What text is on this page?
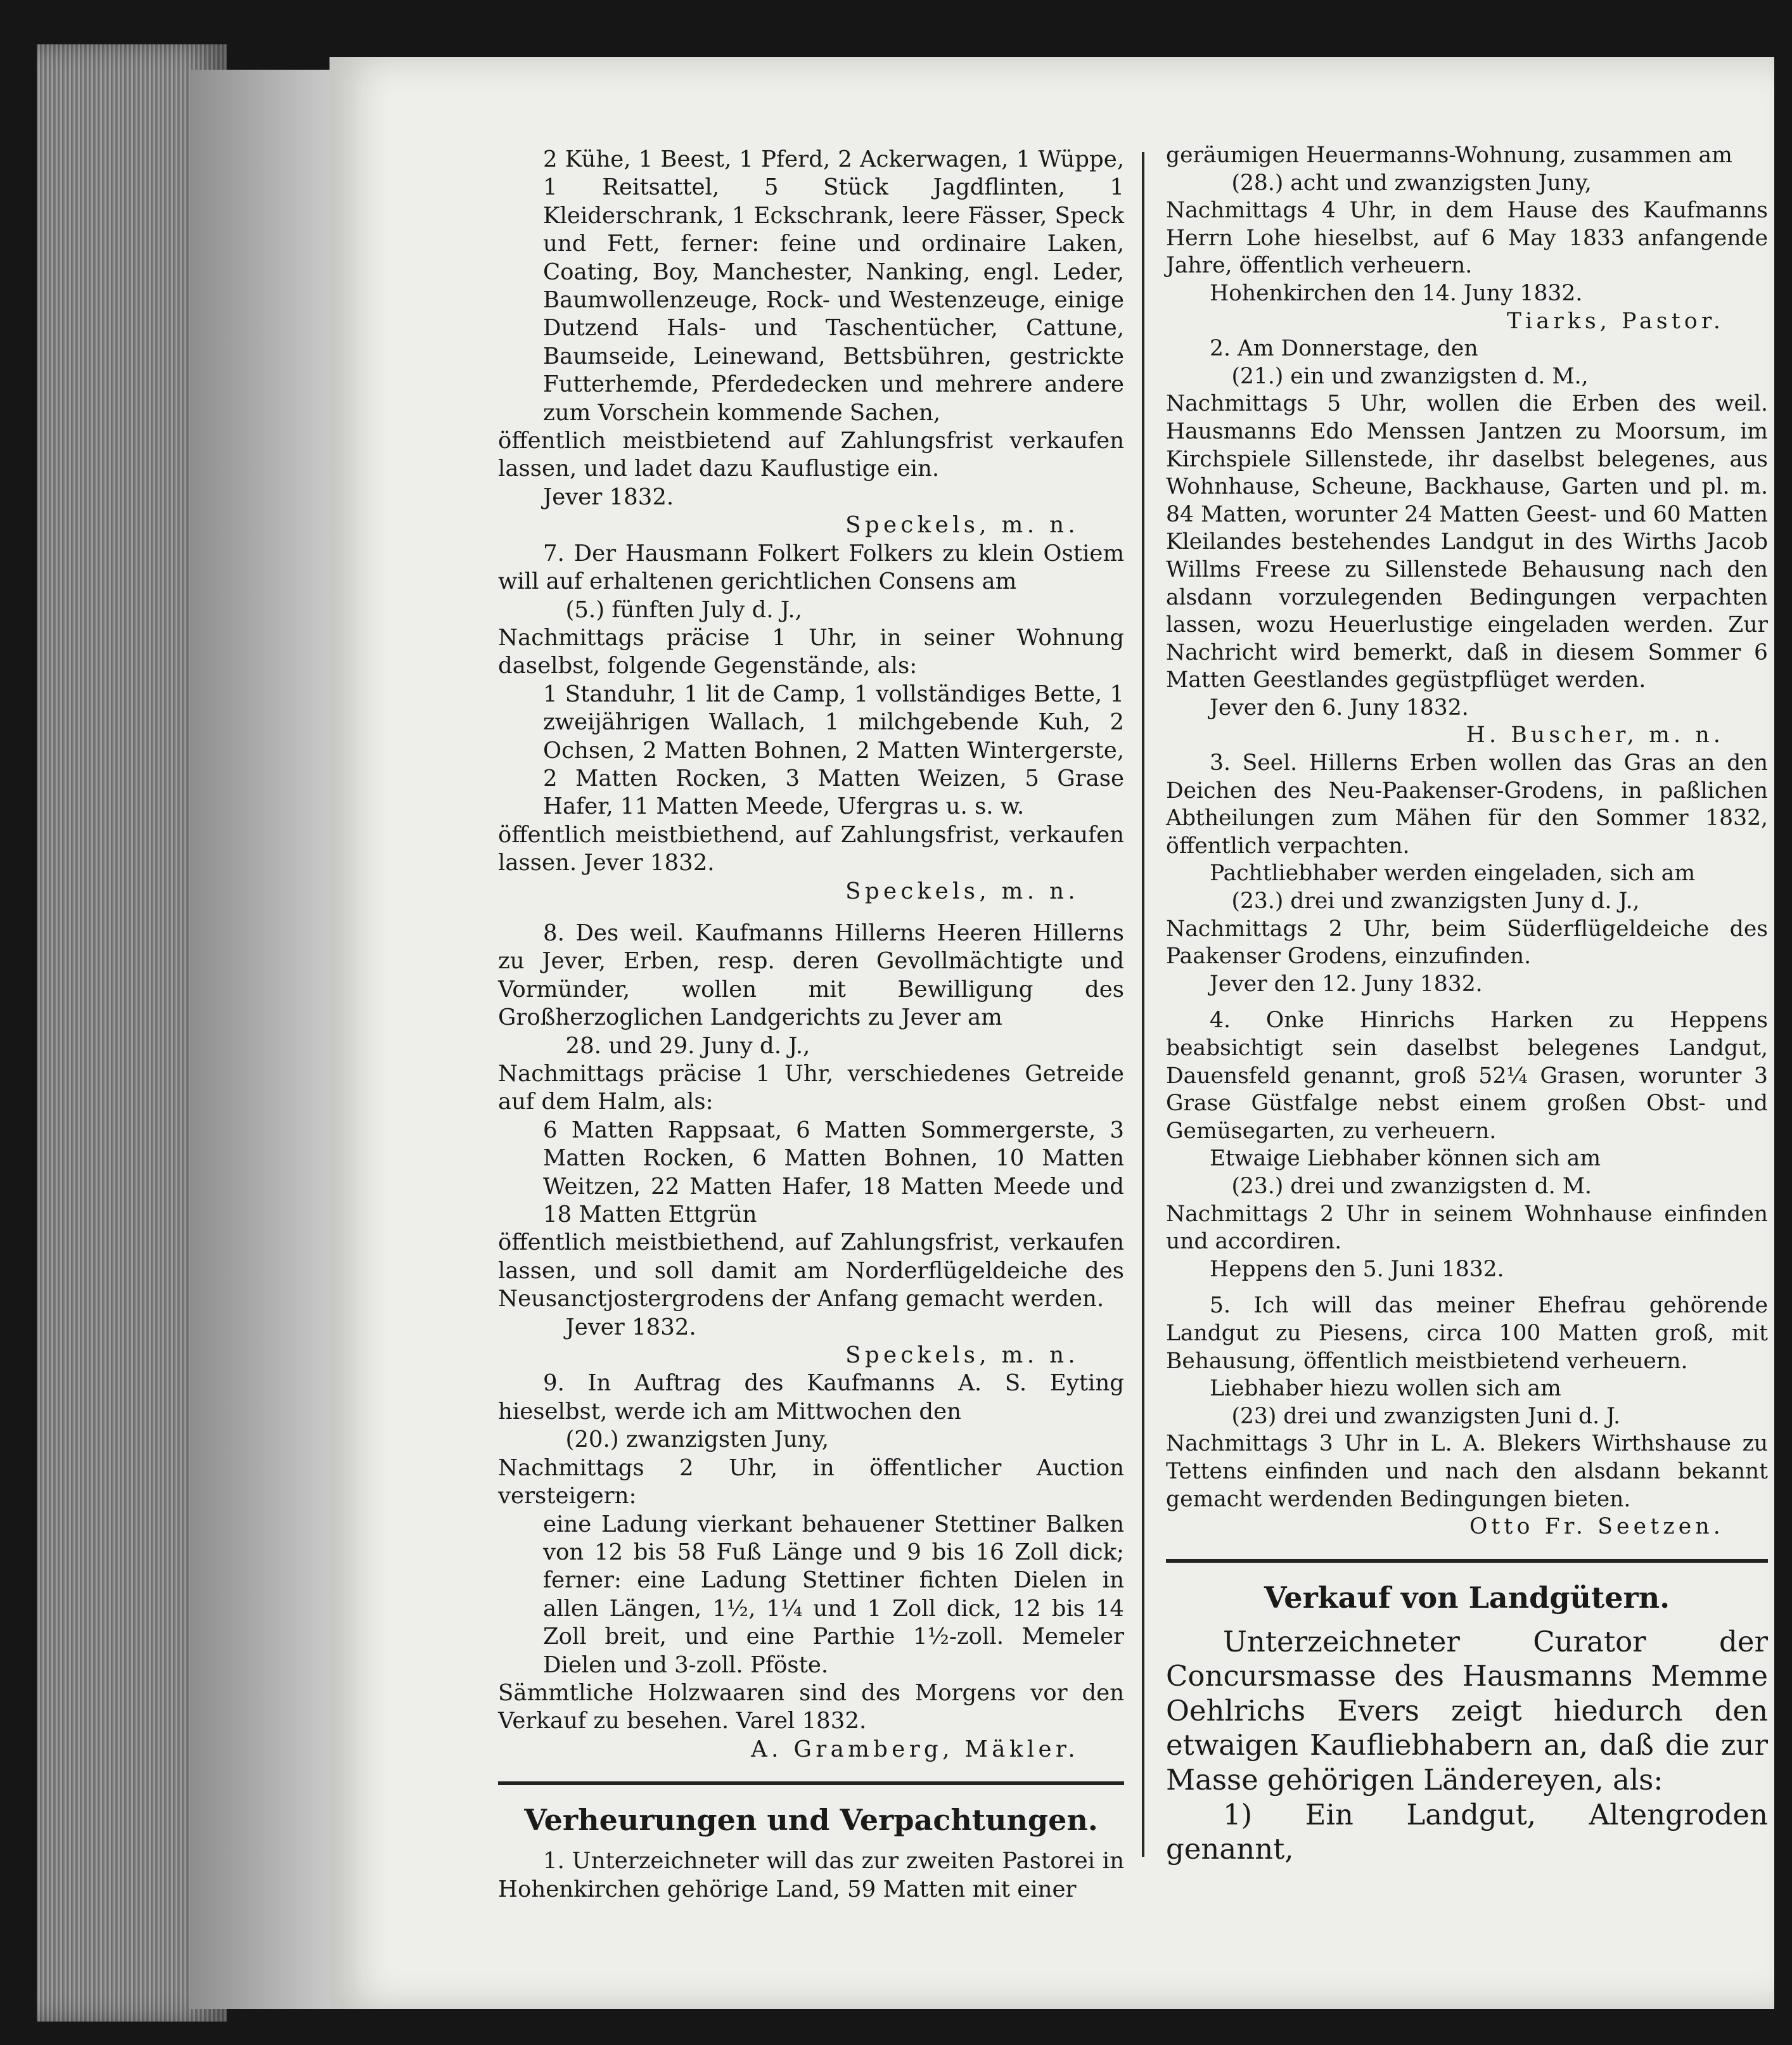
2 Kühe, 1 Beest, 1 Pferd, 2 Ackerwagen, 1 Wüppe, 1 Reitsattel, 5 Stück Jagdflinten, 1 Kleiderschrank, 1 Eckschrank, leere Fässer, Speck und Fett, ferner: feine und ordinaire Laken, Coating, Boy, Manchester, Nanking, engl. Leder, Baumwollenzeuge, Rock- und Westenzeuge, einige Dutzend Hals- und Taschentücher, Cattune, Baumseide, Leinewand, Bettsbühren, gestrickte Futterhemde, Pferdedecken und mehrere andere zum Vorschein kommende Sachen,

öffentlich meistbietend auf Zahlungsfrist verkaufen lassen, und ladet dazu Kauflustige ein.

Jever 1832.

Speckels, m. n.

7. Der Hausmann Folkert Folkers zu klein Ostiem will auf erhaltenen gerichtlichen Consens am

(5.) fünften July d. J.,

Nachmittags präcise 1 Uhr, in seiner Wohnung daselbst, folgende Gegenstände, als:

1 Standuhr, 1 lit de Camp, 1 vollständiges Bette, 1 zweijährigen Wallach, 1 milchgebende Kuh, 2 Ochsen, 2 Matten Bohnen, 2 Matten Wintergerste, 2 Matten Rocken, 3 Matten Weizen, 5 Grase Hafer, 11 Matten Meede, Ufergras u. s. w.

öffentlich meistbiethend, auf Zahlungsfrist, verkaufen lassen. Jever 1832.

Speckels, m. n.

8. Des weil. Kaufmanns Hillerns Heeren Hillerns zu Jever, Erben, resp. deren Gevollmächtigte und Vormünder, wollen mit Bewilligung des Großherzoglichen Landgerichts zu Jever am

28. und 29. Juny d. J.,

Nachmittags präcise 1 Uhr, verschiedenes Getreide auf dem Halm, als:

6 Matten Rappsaat, 6 Matten Sommergerste, 3 Matten Rocken, 6 Matten Bohnen, 10 Matten Weitzen, 22 Matten Hafer, 18 Matten Meede und 18 Matten Ettgrün

öffentlich meistbiethend, auf Zahlungsfrist, verkaufen lassen, und soll damit am Norderflügeldeiche des Neusanctjostergrodens der Anfang gemacht werden.

Jever 1832.

Speckels, m. n.

9. In Auftrag des Kaufmanns A. S. Eyting hieselbst, werde ich am Mittwochen den

(20.) zwanzigsten Juny,

Nachmittags 2 Uhr, in öffentlicher Auction versteigern:

eine Ladung vierkant behauener Stettiner Balken von 12 bis 58 Fuß Länge und 9 bis 16 Zoll dick; ferner: eine Ladung Stettiner fichten Dielen in allen Längen, 1½, 1¼ und 1 Zoll dick, 12 bis 14 Zoll breit, und eine Parthie 1½-zoll. Memeler Dielen und 3-zoll. Pföste.

Sämmtliche Holzwaaren sind des Morgens vor den Verkauf zu besehen. Varel 1832.

A. Gramberg, Mäkler.

Verheurungen und Verpachtungen.

1. Unterzeichneter will das zur zweiten Pastorei in Hohenkirchen gehörige Land, 59 Matten mit einer

geräumigen Heuermanns-Wohnung, zusammen am

(28.) acht und zwanzigsten Juny,

Nachmittags 4 Uhr, in dem Hause des Kaufmanns Herrn Lohe hieselbst, auf 6 May 1833 anfangende Jahre, öffentlich verheuern.

Hohenkirchen den 14. Juny 1832.

Tiarks, Pastor.

2. Am Donnerstage, den

(21.) ein und zwanzigsten d. M.,

Nachmittags 5 Uhr, wollen die Erben des weil. Hausmanns Edo Menssen Jantzen zu Moorsum, im Kirchspiele Sillenstede, ihr daselbst belegenes, aus Wohnhause, Scheune, Backhause, Garten und pl. m. 84 Matten, worunter 24 Matten Geest- und 60 Matten Kleilandes bestehendes Landgut in des Wirths Jacob Willms Freese zu Sillenstede Behausung nach den alsdann vorzulegenden Bedingungen verpachten lassen, wozu Heuerlustige eingeladen werden. Zur Nachricht wird bemerkt, daß in diesem Sommer 6 Matten Geestlandes gegüstpflüget werden.

Jever den 6. Juny 1832.

H. Buscher, m. n.

3. Seel. Hillerns Erben wollen das Gras an den Deichen des Neu-Paakenser-Grodens, in paßlichen Abtheilungen zum Mähen für den Sommer 1832, öffentlich verpachten.

Pachtliebhaber werden eingeladen, sich am

(23.) drei und zwanzigsten Juny d. J.,

Nachmittags 2 Uhr, beim Süderflügeldeiche des Paakenser Grodens, einzufinden.

Jever den 12. Juny 1832.

4. Onke Hinrichs Harken zu Heppens beabsichtigt sein daselbst belegenes Landgut, Dauensfeld genannt, groß 52¼ Grasen, worunter 3 Grase Güstfalge nebst einem großen Obst- und Gemüsegarten, zu verheuern.

Etwaige Liebhaber können sich am

(23.) drei und zwanzigsten d. M.

Nachmittags 2 Uhr in seinem Wohnhause einfinden und accordiren.

Heppens den 5. Juni 1832.

5. Ich will das meiner Ehefrau gehörende Landgut zu Piesens, circa 100 Matten groß, mit Behausung, öffentlich meistbietend verheuern.

Liebhaber hiezu wollen sich am

(23) drei und zwanzigsten Juni d. J.

Nachmittags 3 Uhr in L. A. Blekers Wirthshause zu Tettens einfinden und nach den alsdann bekannt gemacht werdenden Bedingungen bieten.

Otto Fr. Seetzen.

Verkauf von Landgütern.

Unterzeichneter Curator der Concursmasse des Hausmanns Memme Oehlrichs Evers zeigt hiedurch den etwaigen Kaufliebhabern an, daß die zur Masse gehörigen Ländereyen, als:

1) Ein Landgut, Altengroden genannt,
